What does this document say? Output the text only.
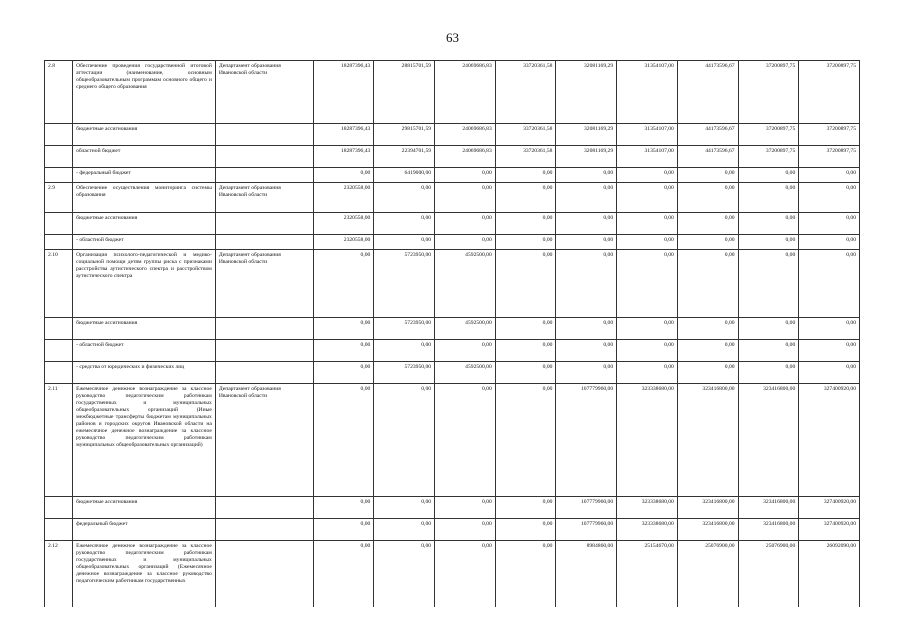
63
2.8	Обеспечение проведения государственной итоговой аттестации (наименование, основным общеобразовательным программам основного общего и среднего общего образования	Департамент образования Ивановской области	18287396,43	28815701,59	24069686,83	33720361,58	32081169,29	31354107,00	44173596,67	37200897,75	37200897,75
	бюджетные ассигнования		18287396,43	29815701,59	24069686,83	33720361,58	32081169,29	31354107,00	44173596,67	37200897,75	37200897,75
	областной бюджет		18287396,43	22394701,59	24069686,83	33720361,58	32081169,29	31354107,00	44173596,67	37200897,75	37200897,75
	- федеральный бюджет		0,00	6419000,00	0,00	0,00	0,00	0,00	0,00	0,00	0,00
2.9	Обеспечение осуществления мониторинга системы образования	Департамент образования Ивановской области	2320558,00	0,00	0,00	0,00	0,00	0,00	0,00	0,00	0,00
	бюджетные ассигнования		2320558,00	0,00	0,00	0,00	0,00	0,00	0,00	0,00	0,00
	- областной бюджет		2320558,00	0,00	0,00	0,00	0,00	0,00	0,00	0,00	0,00
2.10	Организация психолого-педагогической и медико-социальной помощи детям группы риска с признаками расстройства аутистического спектра и расстройством аутистического спектра	Департамент образования Ивановской области	0,00	5723950,00	4592500,00	0,00	0,00	0,00	0,00	0,00	0,00
	бюджетные ассигнования		0,00	5723950,00	4592500,00	0,00	0,00	0,00	0,00	0,00	0,00
	- областной бюджет		0,00	0,00	0,00	0,00	0,00	0,00	0,00	0,00	0,00
	- средства от юридических и физических лиц		0,00	5723950,00	4592500,00	0,00	0,00	0,00	0,00	0,00	0,00
2.11	Ежемесячное денежное вознаграждение за классное руководство педагогическим работникам государственных и муниципальных общеобразовательных организаций (Иные межбюджетные трансферты бюджетам муниципальных районов и городских округов Ивановской области на ежемесячное денежное вознаграждение за классное руководство педагогическим работникам муниципальных общеобразовательных организаций)	Департамент образования Ивановской области	0,00	0,00	0,00	0,00	107779960,00	323338680,00	323416800,00	323416800,00	327400920,00
	бюджетные ассигнования		0,00	0,00	0,00	0,00	107779960,00	323338680,00	323416800,00	323416800,00	327400920,00
	федеральный бюджет		0,00	0,00	0,00	0,00	107779960,00	323338680,00	323416800,00	323416800,00	327400920,00
2.12	Ежемесячное денежное вознаграждение за классное руководство педагогическим работникам государственных и муниципальных общеобразовательных организаций (Ежемесячное денежное вознаграждение за классное руководство педагогическим работникам государственных		0,00	0,00	0,00	0,00	8984860,00	25154670,00	25076900,00	25076900,00	26092090,00
